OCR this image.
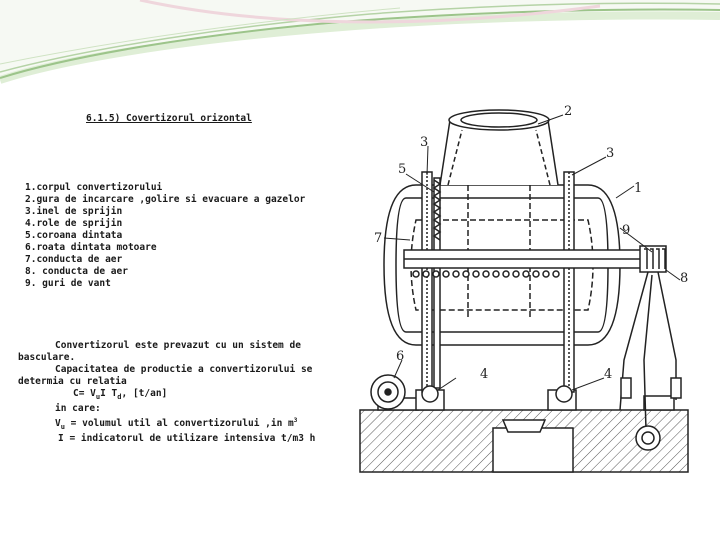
6.1.5) Covertizorul orizontal
1.corpul convertizorului
2.gura de incarcare ,golire si evacuare a gazelor
3.inel de sprijin
4.role de sprijin
5.coroana dintata
6.roata dintata motoare
7.conducta de aer
8. conducta de aer
9. guri de vant
Convertizorul este prevazut cu un sistem de
basculare.
Capacitatea de productie a convertizorului se
determia cu relatia
$C= V_uI$ $T_d$, [t/an]
in care:
$V_u$ = volumul util al convertizorului ,in $m^3$
I = indicatorul de utilizare intensiva t/m3 h
2
3
3
5
1
7
9
6
4	4
8
